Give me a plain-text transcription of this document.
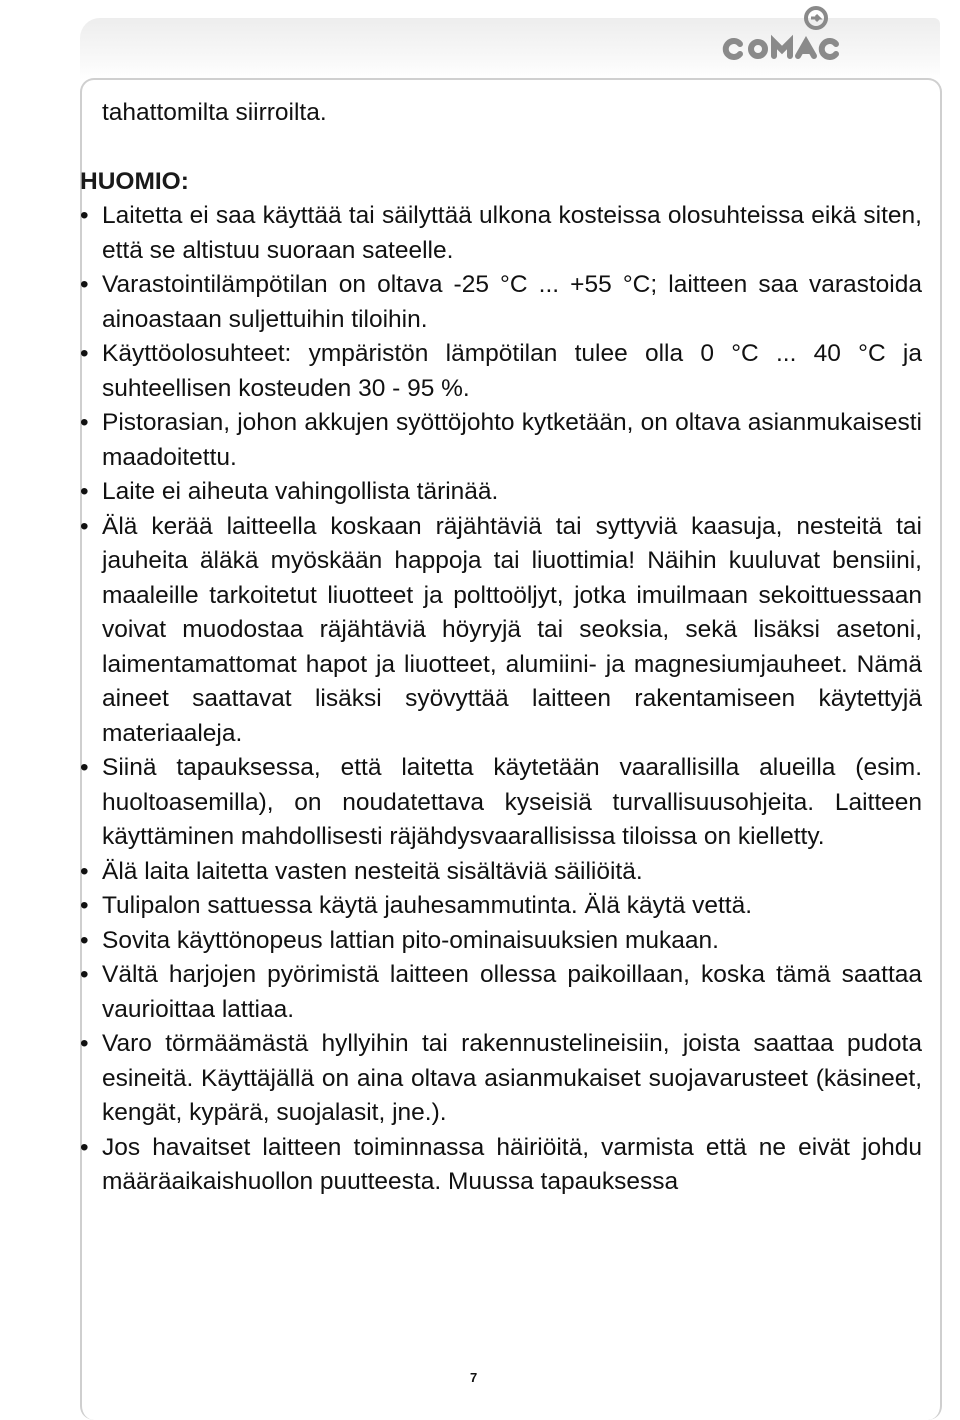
tahattomilta siirroilta.

HUOMIO:

• Laitetta ei saa käyttää tai säilyttää ulkona kosteissa olosuhteissa eikä siten, että se altistuu suoraan sateelle.
• Varastointilämpötilan on oltava -25 °C ... +55 °C; laitteen saa varastoida ainoastaan suljettuihin tiloihin.
• Käyttöolosuhteet: ympäristön lämpötilan tulee olla 0 °C ... 40 °C ja suhteellisen kosteuden 30 - 95 %.
• Pistorasian, johon akkujen syöttöjohto kytketään, on oltava asianmukaisesti maadoitettu.
• Laite ei aiheuta vahingollista tärinää.
• Älä kerää laitteella koskaan räjähtäviä tai syttyviä kaasuja, nesteitä tai jauheita äläkä myöskään happoja tai liuottimia! Näihin kuuluvat bensiini, maaleille tarkoitetut liuotteet ja polttoöljyt, jotka imuilmaan sekoittuessaan voivat muodostaa räjähtäviä höyryjä tai seoksia, sekä lisäksi asetoni, laimentamattomat hapot ja liuotteet, alumiini- ja magnesiumjauheet. Nämä aineet saattavat lisäksi syövyttää laitteen rakentamiseen käytettyjä materiaaleja.
• Siinä tapauksessa, että laitetta käytetään vaarallisilla alueilla (esim. huoltoasemilla), on noudatettava kyseisiä turvallisuusohjeita. Laitteen käyttäminen mahdollisesti räjähdysvaarallisissa tiloissa on kielletty.
• Älä laita laitetta vasten nesteitä sisältäviä säiliöitä.
• Tulipalon sattuessa käytä jauhesammutinta. Älä käytä vettä.
• Sovita käyttönopeus lattian pito-ominaisuuksien mukaan.
• Vältä harjojen pyörimistä laitteen ollessa paikoillaan, koska tämä saattaa vaurioittaa lattiaa.
• Varo törmäämästä hyllyihin tai rakennustelineisiin, joista saattaa pudota esineitä. Käyttäjällä on aina oltava asianmukaiset suojavarusteet (käsineet, kengät, kypärä, suojalasit, jne.).
• Jos havaitset laitteen toiminnassa häiriöitä, varmista että ne eivät johdu määräaikaishuollon puutteesta. Muussa tapauksessa
7
